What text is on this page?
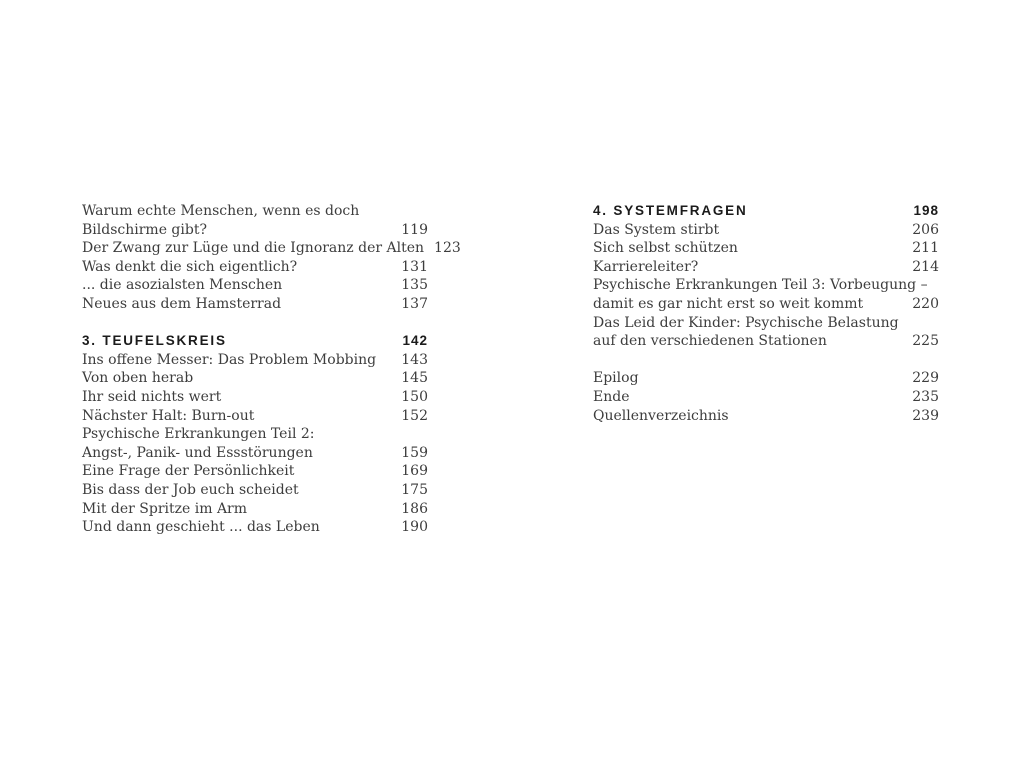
Warum echte Menschen, wenn es doch
Bildschirme gibt?	119
Der Zwang zur Lüge und die Ignoranz der Alten 123
Was denkt die sich eigentlich?	131
... die asozialsten Menschen	135
Neues aus dem Hamsterrad	137
3. TEUFELSKREIS	142
Ins offene Messer: Das Problem Mobbing	143
Von oben herab	145
Ihr seid nichts wert	150
Nächster Halt: Burn-out	152
Psychische Erkrankungen Teil 2:
Angst-, Panik- und Essstörungen	159
Eine Frage der Persönlichkeit	169
Bis dass der Job euch scheidet	175
Mit der Spritze im Arm	186
Und dann geschieht ... das Leben	190
4. SYSTEMFRAGEN	198
Das System stirbt	206
Sich selbst schützen	211
Karriereleiter?	214
Psychische Erkrankungen Teil 3: Vorbeugung –
damit es gar nicht erst so weit kommt	220
Das Leid der Kinder: Psychische Belastung
auf den verschiedenen Stationen	225
Epilog	229
Ende	235
Quellenverzeichnis	239
